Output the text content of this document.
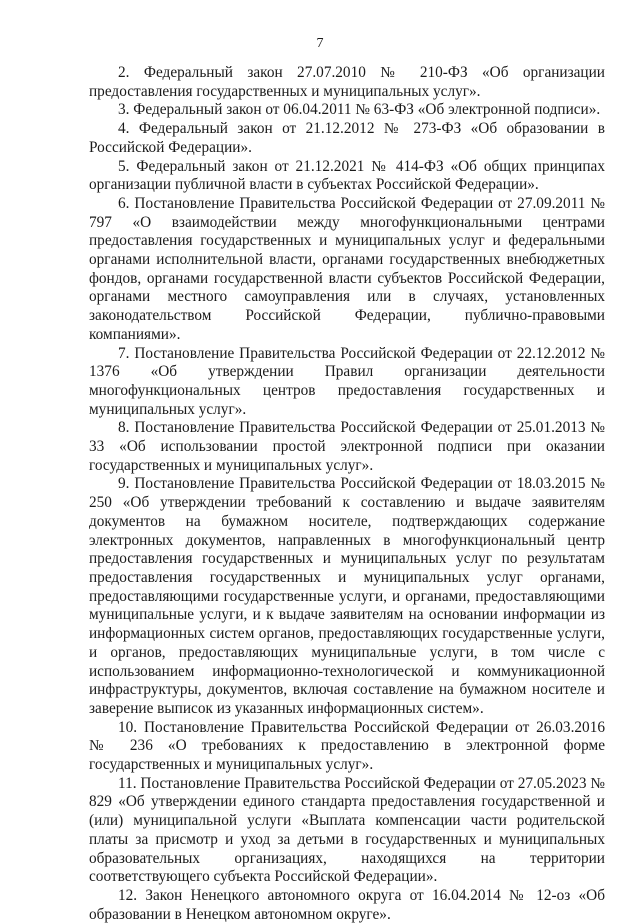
7

2. Федеральный закон 27.07.2010 № 210-ФЗ «Об организации предоставления государственных и муниципальных услуг».

3. Федеральный закон от 06.04.2011 № 63-ФЗ «Об электронной подписи».

4. Федеральный закон от 21.12.2012 № 273-ФЗ «Об образовании в Российской Федерации».

5. Федеральный закон от 21.12.2021 № 414-ФЗ «Об общих принципах организации публичной власти в субъектах Российской Федерации».

6. Постановление Правительства Российской Федерации от 27.09.2011 № 797 «О взаимодействии между многофункциональными центрами предоставления государственных и муниципальных услуг и федеральными органами исполнительной власти, органами государственных внебюджетных фондов, органами государственной власти субъектов Российской Федерации, органами местного самоуправления или в случаях, установленных законодательством Российской Федерации, публично-правовыми компаниями».

7. Постановление Правительства Российской Федерации от 22.12.2012 № 1376 «Об утверждении Правил организации деятельности многофункциональных центров предоставления государственных и муниципальных услуг».

8. Постановление Правительства Российской Федерации от 25.01.2013 № 33 «Об использовании простой электронной подписи при оказании государственных и муниципальных услуг».

9. Постановление Правительства Российской Федерации от 18.03.2015 № 250 «Об утверждении требований к составлению и выдаче заявителям документов на бумажном носителе, подтверждающих содержание электронных документов, направленных в многофункциональный центр предоставления государственных и муниципальных услуг по результатам предоставления государственных и муниципальных услуг органами, предоставляющими государственные услуги, и органами, предоставляющими муниципальные услуги, и к выдаче заявителям на основании информации из информационных систем органов, предоставляющих государственные услуги, и органов, предоставляющих муниципальные услуги, в том числе с использованием информационно-технологической и коммуникационной инфраструктуры, документов, включая составление на бумажном носителе и заверение выписок из указанных информационных систем».

10. Постановление Правительства Российской Федерации от 26.03.2016 № 236 «О требованиях к предоставлению в электронной форме государственных и муниципальных услуг».

11. Постановление Правительства Российской Федерации от 27.05.2023 № 829 «Об утверждении единого стандарта предоставления государственной и (или) муниципальной услуги «Выплата компенсации части родительской платы за присмотр и уход за детьми в государственных и муниципальных образовательных организациях, находящихся на территории соответствующего субъекта Российской Федерации».

12. Закон Ненецкого автономного округа от 16.04.2014 № 12-оз «Об образовании в Ненецком автономном округе».
